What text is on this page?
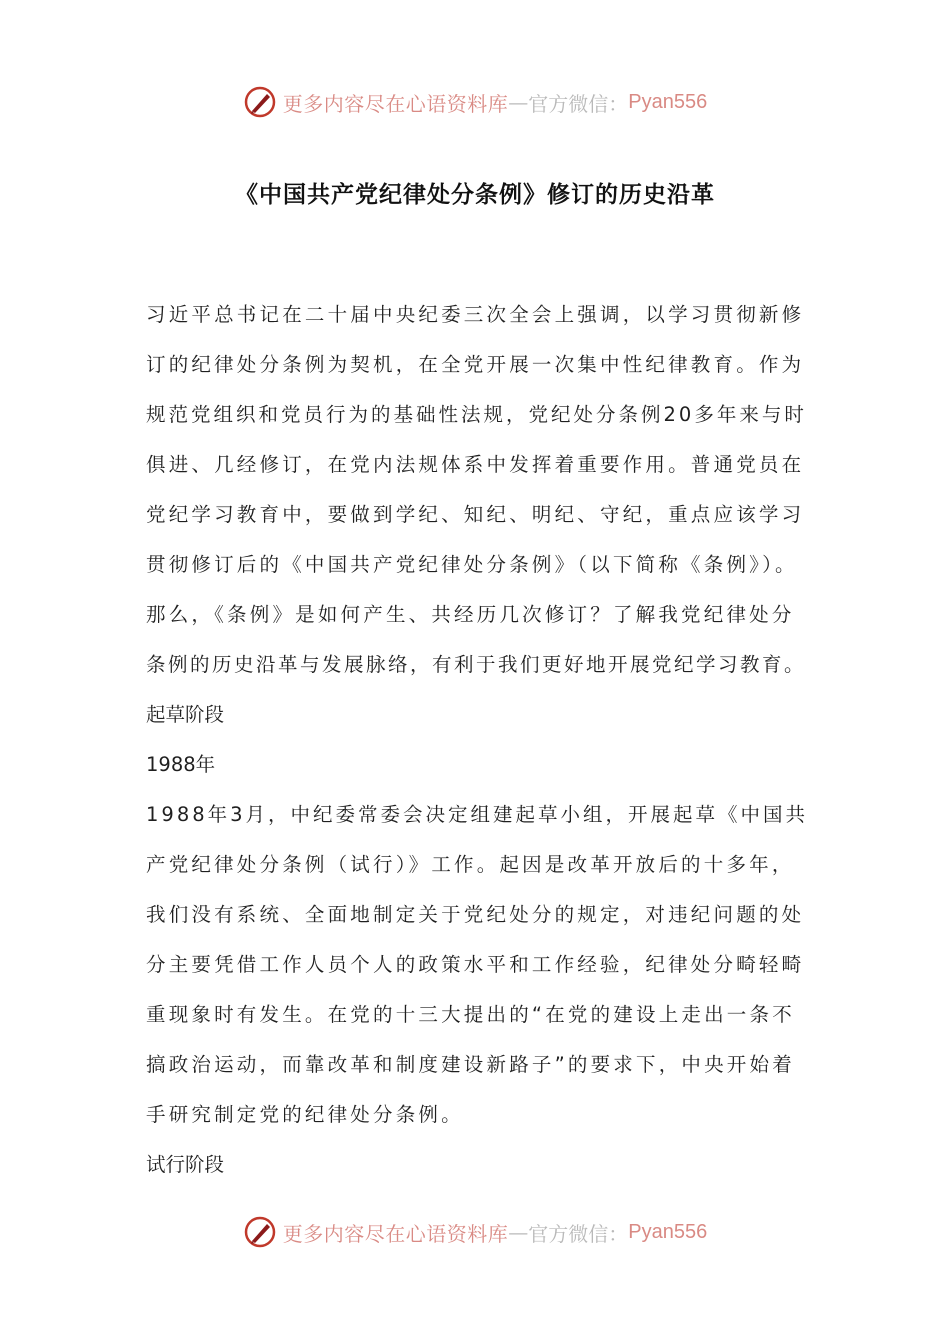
更多内容尽在心语资料库 — 官方微信： Pyan556
《中国共产党纪律处分条例》修订的历史沿革
习近平总书记在二十届中央纪委三次全会上强调，以学习贯彻新修
订的纪律处分条例为契机，在全党开展一次集中性纪律教育。作为
规范党组织和党员行为的基础性法规，党纪处分条例20多年来与时
俱进、几经修订，在党内法规体系中发挥着重要作用。普通党员在
党纪学习教育中，要做到学纪、知纪、明纪、守纪，重点应该学习
贯彻修订后的《中国共产党纪律处分条例》（以下简称《条例》）。
那么，《条例》是如何产生、共经历几次修订？了解我党纪律处分
条例的历史沿革与发展脉络，有利于我们更好地开展党纪学习教育。
起草阶段
1988年
1988年3月，中纪委常委会决定组建起草小组，开展起草《中国共
产党纪律处分条例（试行）》工作。起因是改革开放后的十多年，
我们没有系统、全面地制定关于党纪处分的规定，对违纪问题的处
分主要凭借工作人员个人的政策水平和工作经验，纪律处分畸轻畸
重现象时有发生。在党的十三大提出的“在党的建设上走出一条不
搞政治运动，而靠改革和制度建设新路子”的要求下，中央开始着
手研究制定党的纪律处分条例。
试行阶段
更多内容尽在心语资料库 — 官方微信： Pyan556
